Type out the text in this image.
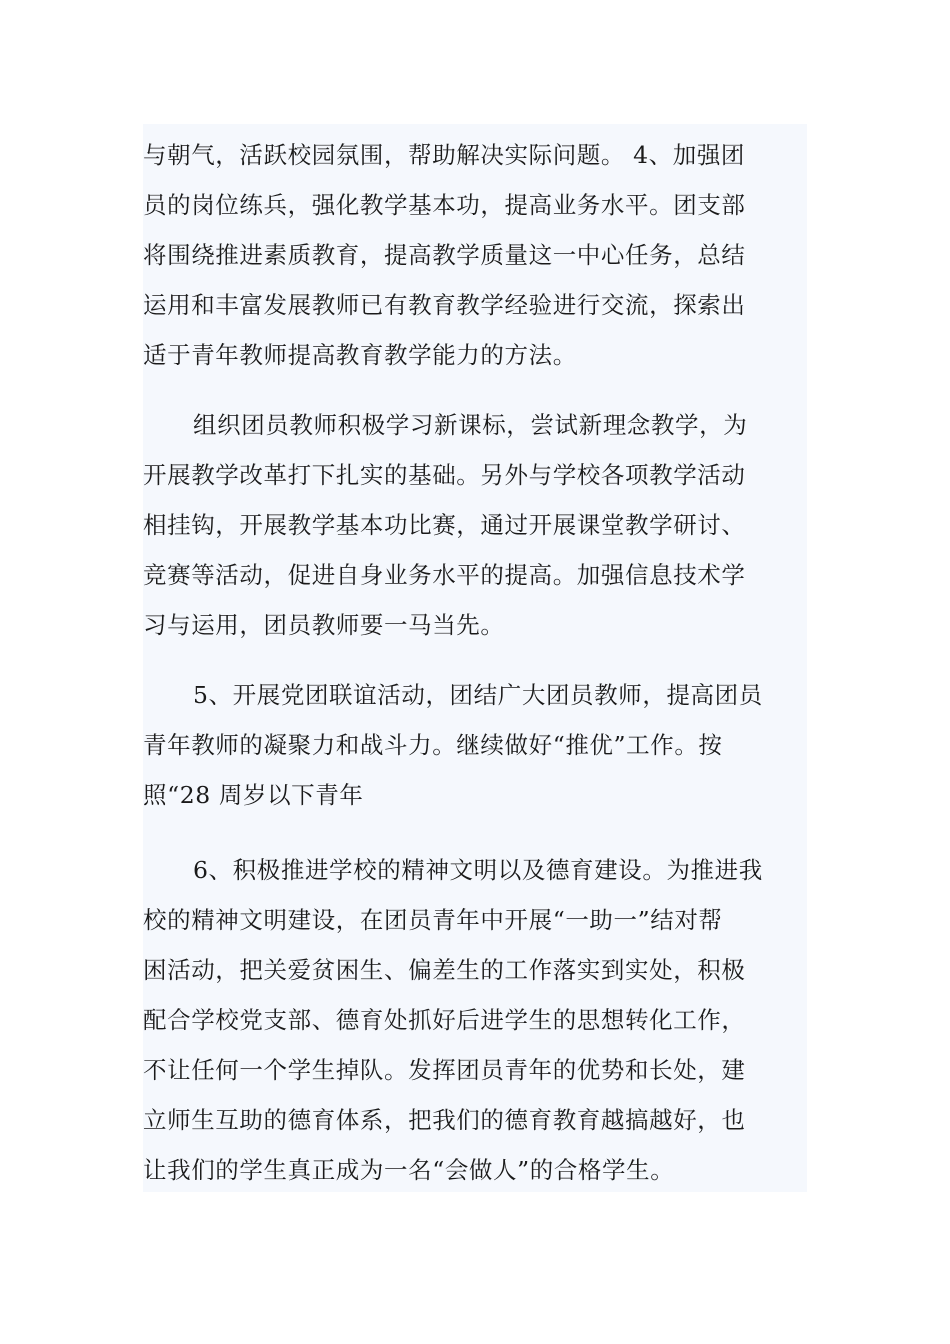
与朝气，活跃校园氛围，帮助解决实际问题。 4、加强团
员的岗位练兵，强化教学基本功，提高业务水平。团支部
将围绕推进素质教育，提高教学质量这一中心任务，总结
运用和丰富发展教师已有教育教学经验进行交流，探索出
适于青年教师提高教育教学能力的方法。
组织团员教师积极学习新课标，尝试新理念教学，为
开展教学改革打下扎实的基础。另外与学校各项教学活动
相挂钩，开展教学基本功比赛，通过开展课堂教学研讨、
竞赛等活动，促进自身业务水平的提高。加强信息技术学
习与运用，团员教师要一马当先。
5、开展党团联谊活动，团结广大团员教师，提高团员
青年教师的凝聚力和战斗力。继续做好“推优”工作。按
照“28 周岁以下青年
6、积极推进学校的精神文明以及德育建设。为推进我
校的精神文明建设，在团员青年中开展“一助一”结对帮
困活动，把关爱贫困生、偏差生的工作落实到实处，积极
配合学校党支部、德育处抓好后进学生的思想转化工作，
不让任何一个学生掉队。发挥团员青年的优势和长处，建
立师生互助的德育体系，把我们的德育教育越搞越好，也
让我们的学生真正成为一名“会做人”的合格学生。
